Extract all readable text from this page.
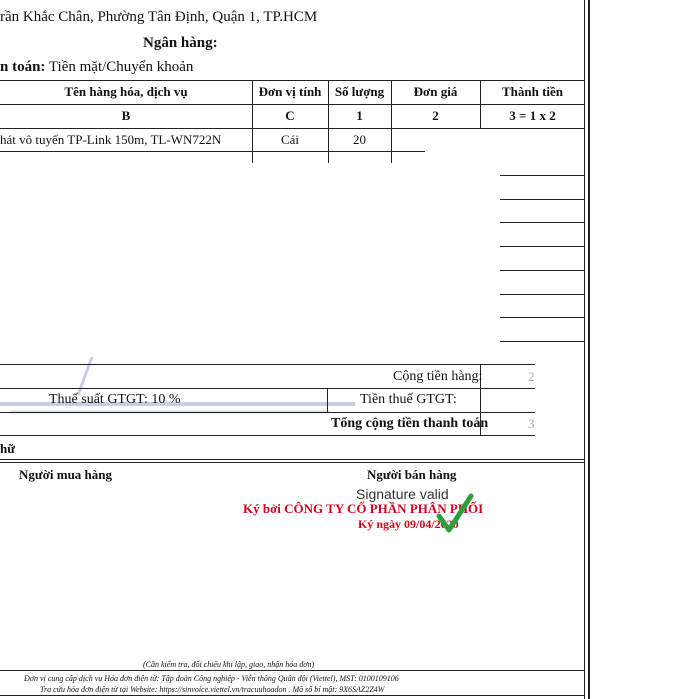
rần Khắc Chân, Phường Tân Định, Quận 1, TP.HCM
Ngân hàng:
n toán: Tiền mặt/Chuyển khoản
Tên hàng hóa, dịch vụ	Đơn vị tính	Số lượng	Đơn giá	Thành tiền
B	C	1	2	3 = 1 x 2
hát vô tuyến TP-Link 150m, TL-WN722N	Cái	20
Cộng tiền hàng:	2
Thuế suất GTGT: 10 %	Tiền thuế GTGT:
Tổng cộng tiền thanh toán	3
hữ
Người mua hàng	Người bán hàng
Signature valid
Ký bởi CÔNG TY CỔ PHẦN PHÂN PHỐI
Ký ngày 09/04/2020
(Cần kiểm tra, đối chiếu khi lập, giao, nhận hóa đơn)
Đơn vị cung cấp dịch vụ Hóa đơn điện tử: Tập đoàn Công nghiệp - Viễn thông Quân đội (Viettel), MST: 0100109106
Tra cứu hóa đơn điện tử tại Website: https://sinvoice.viettel.vn/tracuuhoadon . Mã số bí mật: 9X6SAZ2Z4W
